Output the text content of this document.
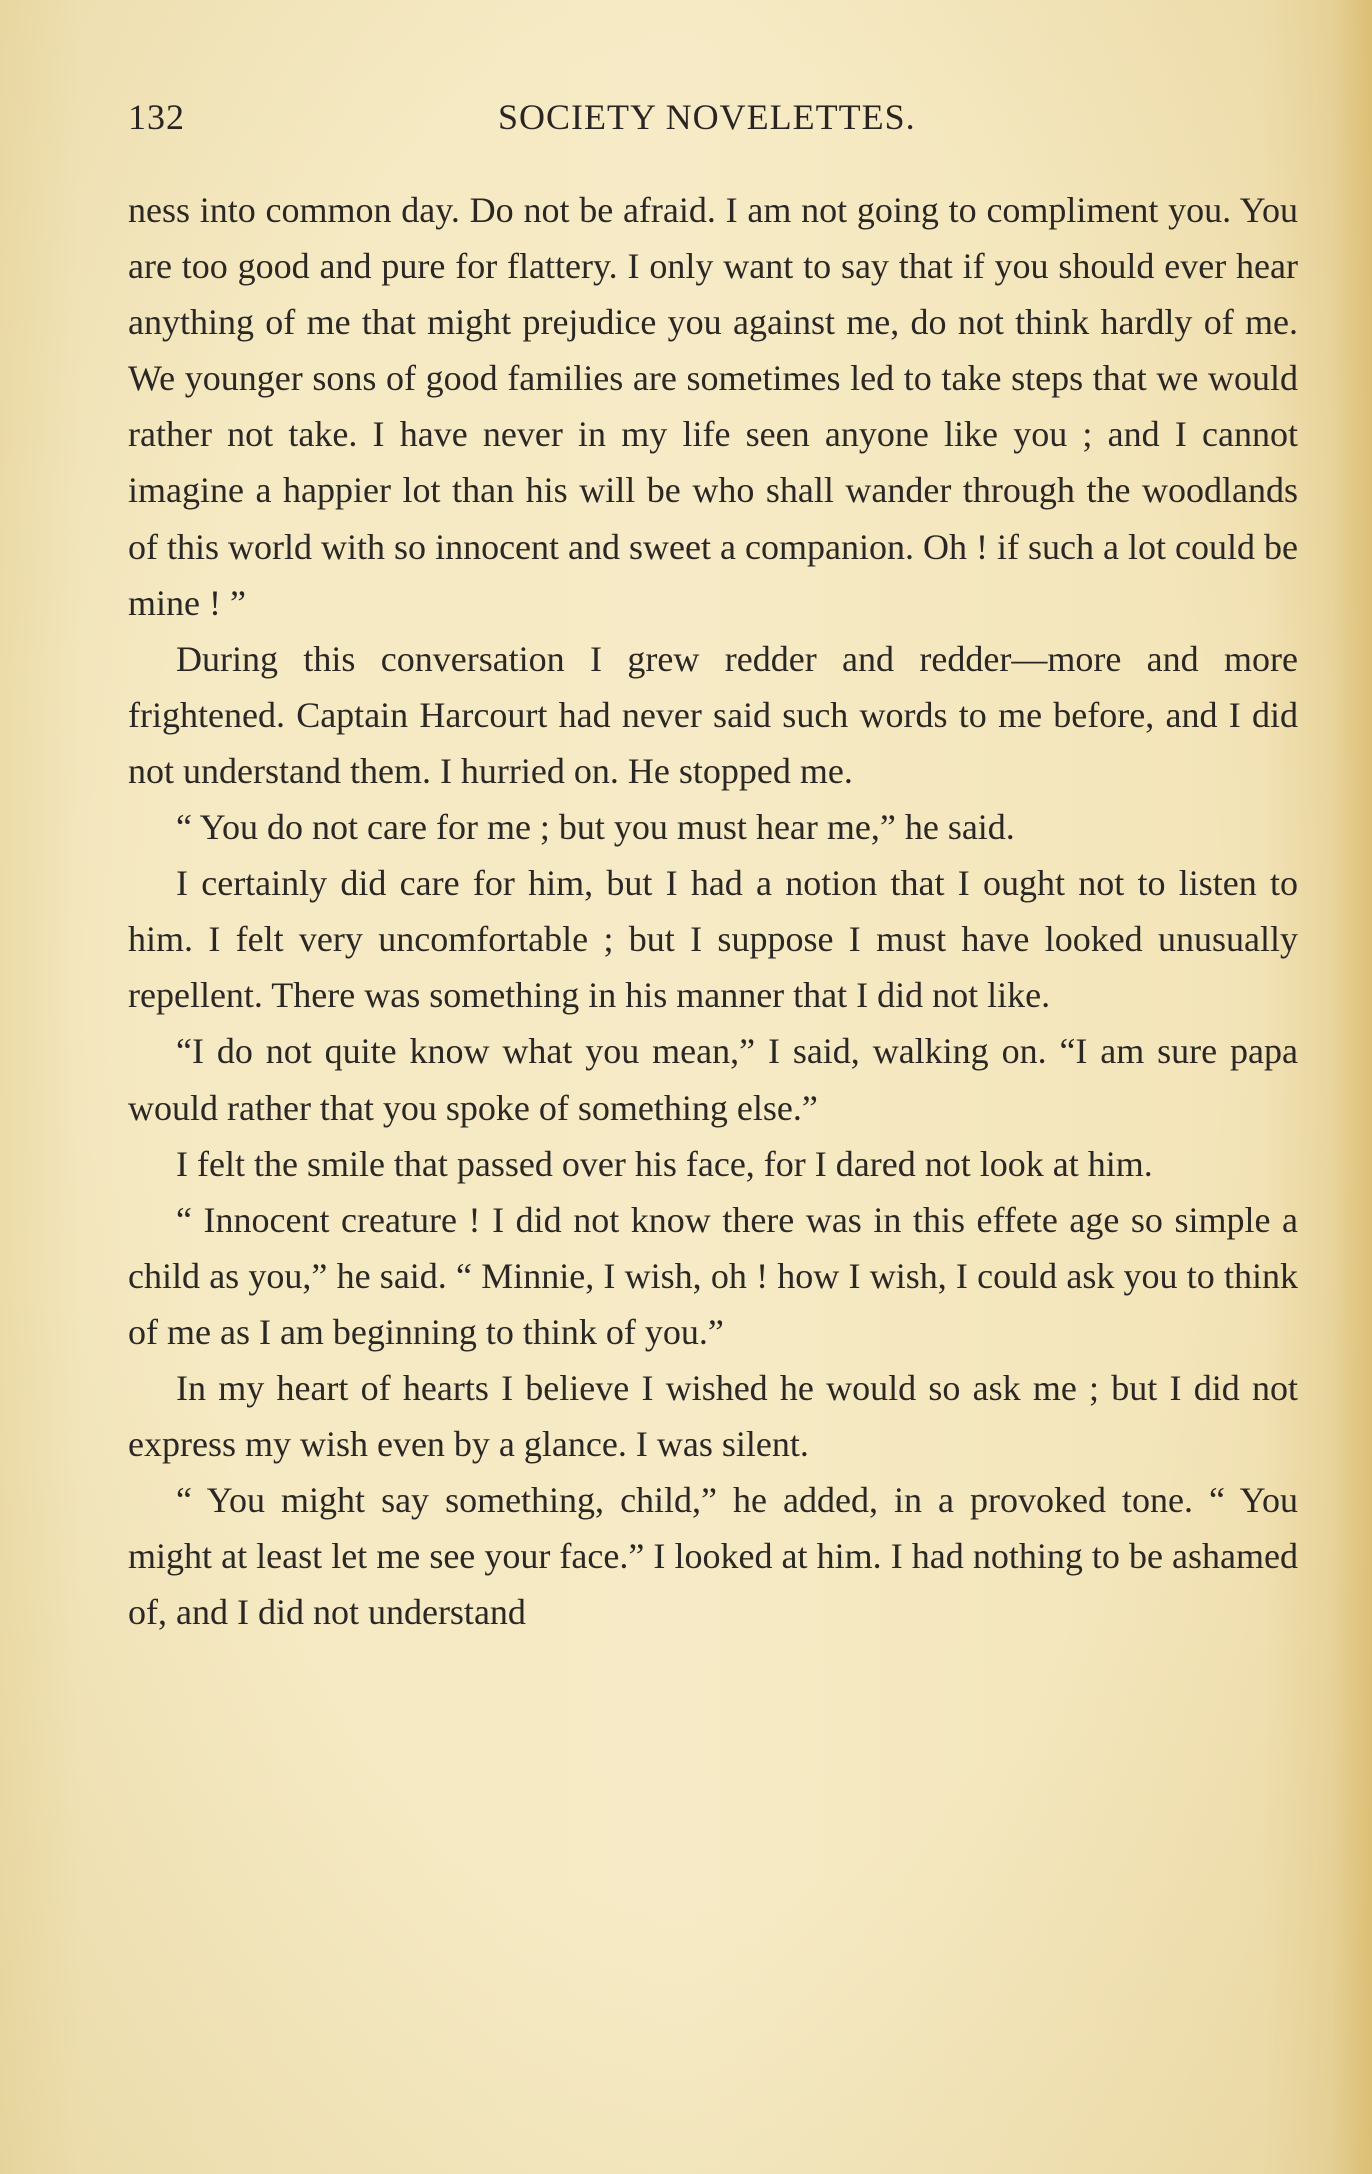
132	SOCIETY NOVELETTES.

ness into common day. Do not be afraid. I am not going to compliment you. You are too good and pure for flattery. I only want to say that if you should ever hear anything of me that might prejudice you against me, do not think hardly of me. We younger sons of good families are sometimes led to take steps that we would rather not take. I have never in my life seen anyone like you ; and I cannot imagine a happier lot than his will be who shall wander through the woodlands of this world with so innocent and sweet a companion. Oh ! if such a lot could be mine ! ”

During this conversation I grew redder and redder—more and more frightened. Captain Harcourt had never said such words to me before, and I did not understand them. I hurried on. He stopped me.

“ You do not care for me ; but you must hear me,” he said.

I certainly did care for him, but I had a notion that I ought not to listen to him. I felt very uncomfortable ; but I suppose I must have looked unusually repellent. There was something in his manner that I did not like.

“I do not quite know what you mean,” I said, walking on. “I am sure papa would rather that you spoke of something else.”

I felt the smile that passed over his face, for I dared not look at him.

“ Innocent creature ! I did not know there was in this effete age so simple a child as you,” he said. “ Minnie, I wish, oh ! how I wish, I could ask you to think of me as I am beginning to think of you.”

In my heart of hearts I believe I wished he would so ask me ; but I did not express my wish even by a glance. I was silent.

“ You might say something, child,” he added, in a provoked tone. “ You might at least let me see your face.” I looked at him. I had nothing to be ashamed of, and I did not understand
